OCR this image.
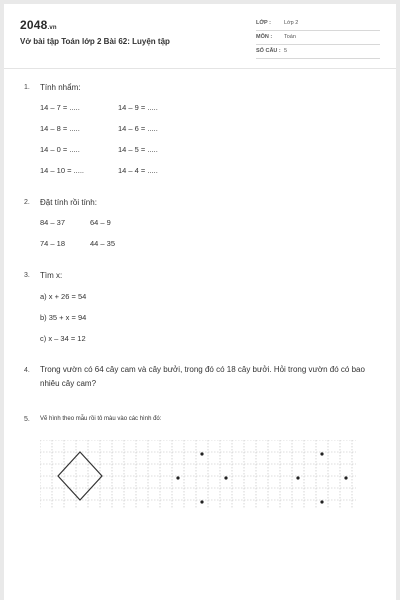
2048.vn
Vở bài tập Toán lớp 2 Bài 62: Luyện tập
LỚP : Lớp 2
MÔN : Toán
SỐ CÂU : 5
1. Tính nhẩm:
14 – 7 = .....
14 – 8 = .....
14 – 0 = .....
14 – 10 = .....
14 – 9 = .....
14 – 6 = .....
14 – 5 = .....
14 – 4 = .....
2. Đặt tính rồi tính:
84 – 37	64 – 9
74 – 18	44 – 35
3. Tìm x:
a) x + 26 = 54
b) 35 + x = 94
c) x – 34 = 12
4. Trong vườn có 64 cây cam và cây bưởi, trong đó có 18 cây bưởi. Hỏi trong vườn đó có bao nhiêu cây cam?
5. Vẽ hình theo mẫu rồi tô màu vào các hình đó:
